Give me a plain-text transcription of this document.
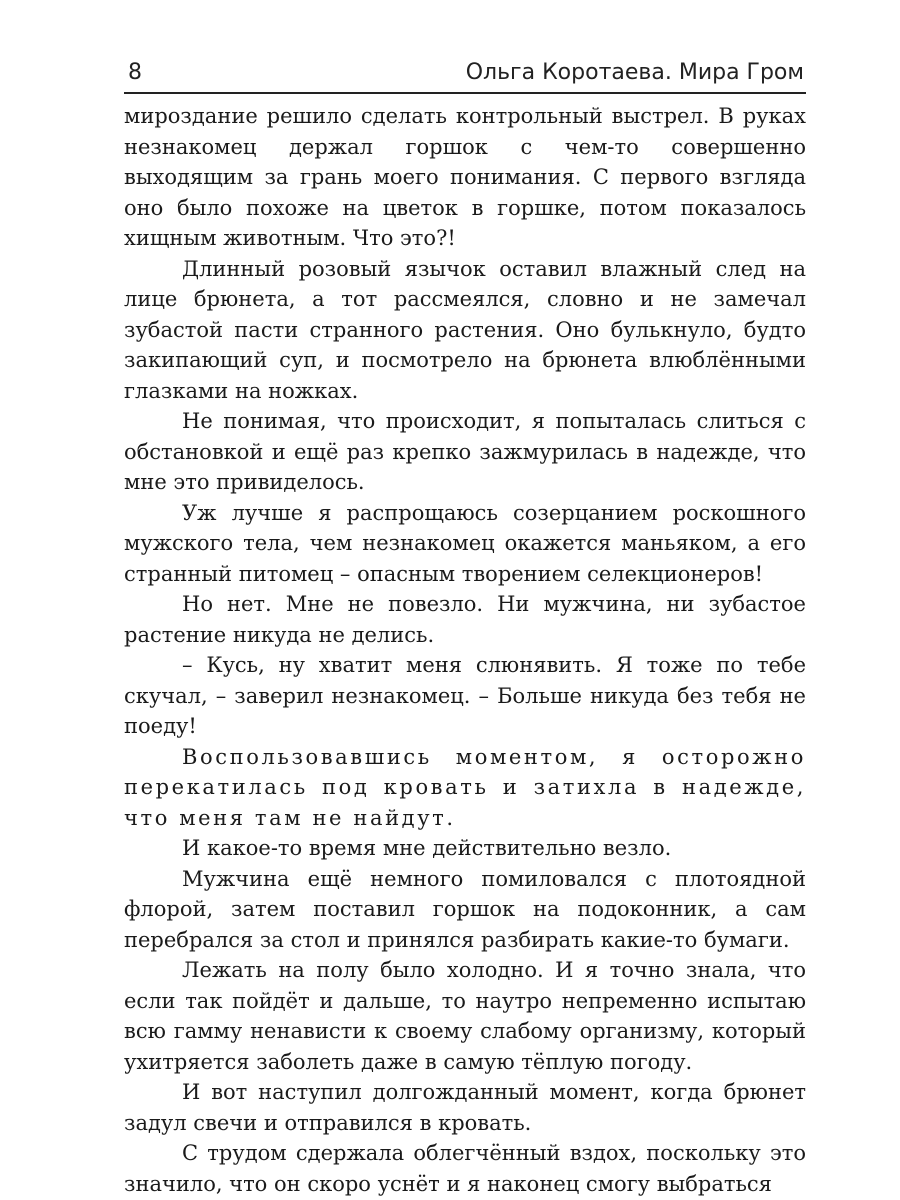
8	Ольга Коротаева. Мира Гром

мироздание решило сделать контрольный выстрел. В руках незнакомец держал горшок с чем-то совершенно выходящим за грань моего понимания. С первого взгляда оно было похоже на цветок в горшке, потом показалось хищным животным. Что это?!

Длинный розовый язычок оставил влажный след на лице брюнета, а тот рассмеялся, словно и не замечал зубастой пасти странного растения. Оно булькнуло, будто закипающий суп, и посмотрело на брюнета влюблёнными глазками на ножках.

Не понимая, что происходит, я попыталась слиться с обстановкой и ещё раз крепко зажмурилась в надежде, что мне это привиделось.

Уж лучше я распрощаюсь созерцанием роскошного мужского тела, чем незнакомец окажется маньяком, а его странный питомец – опасным творением селекционеров!

Но нет. Мне не повезло. Ни мужчина, ни зубастое растение никуда не делись.

– Кусь, ну хватит меня слюнявить. Я тоже по тебе скучал, – заверил незнакомец. – Больше никуда без тебя не поеду!

Воспользовавшись моментом, я осторожно перекатилась под кровать и затихла в надежде, что меня там не найдут.

И какое-то время мне действительно везло.

Мужчина ещё немного помиловался с плотоядной флорой, затем поставил горшок на подоконник, а сам перебрался за стол и принялся разбирать какие-то бумаги.

Лежать на полу было холодно. И я точно знала, что если так пойдёт и дальше, то наутро непременно испытаю всю гамму ненависти к своему слабому организму, который ухитряется заболеть даже в самую тёплую погоду.

И вот наступил долгожданный момент, когда брюнет задул свечи и отправился в кровать.

С трудом сдержала облегчённый вздох, поскольку это значило, что он скоро уснёт и я наконец смогу выбраться
